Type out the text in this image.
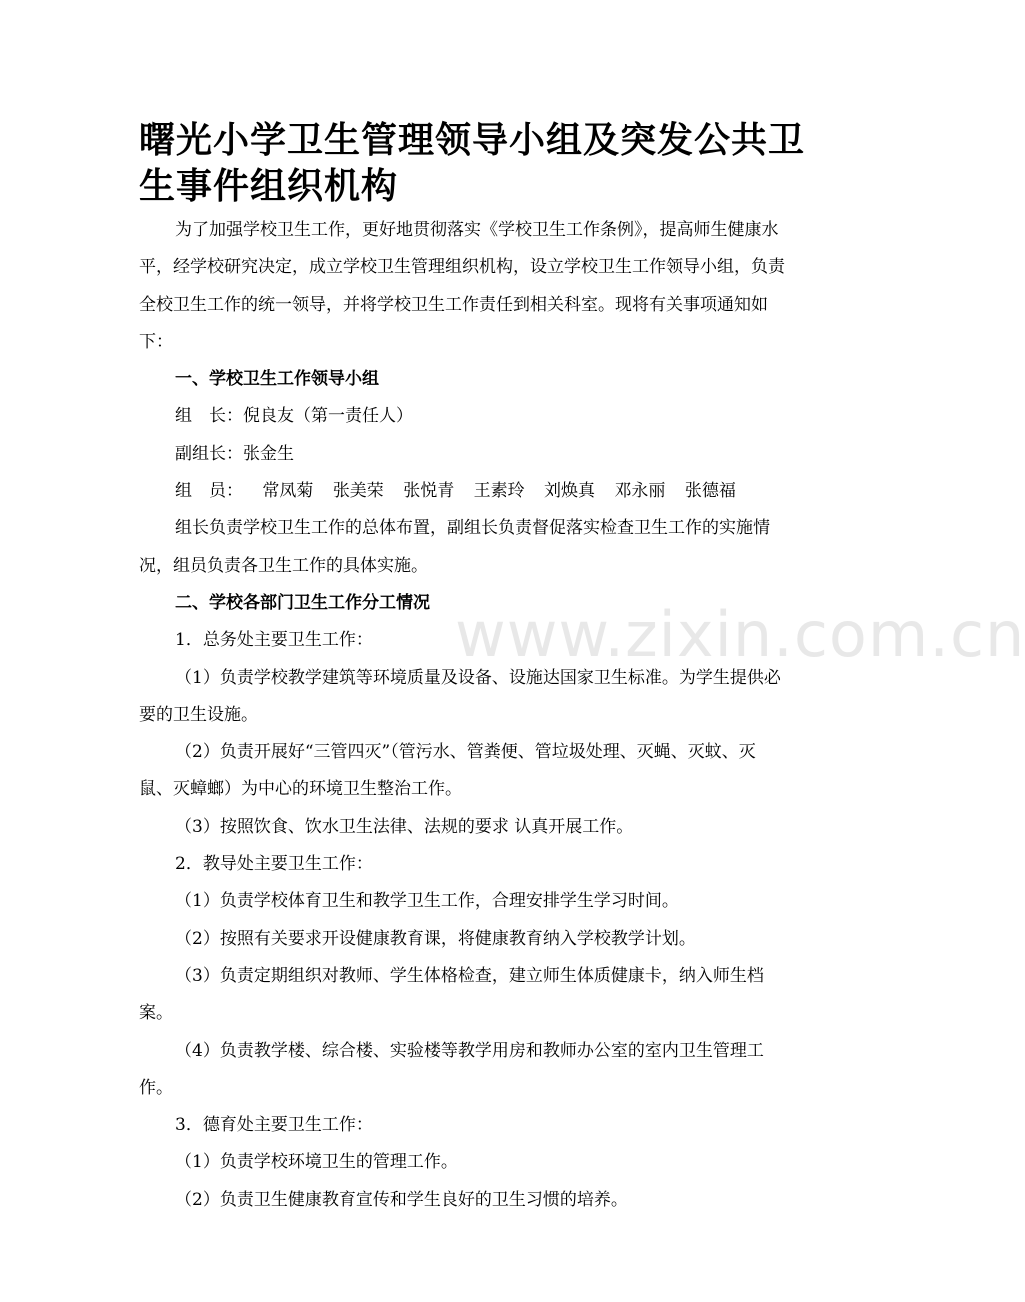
曙光小学卫生管理领导小组及突发公共卫
生事件组织机构

为了加强学校卫生工作，更好地贯彻落实《学校卫生工作条例》，提高师生健康水平，经学校研究决定，成立学校卫生管理组织机构，设立学校卫生工作领导小组，负责全校卫生工作的统一领导，并将学校卫生工作责任到相关科室。现将有关事项通知如下：

一、学校卫生工作领导小组

组　长：倪良友（第一责任人）

副组长：张金生

组　员： 常凤菊 张美荣 张悦青 王素玲 刘焕真 邓永丽 张德福

组长负责学校卫生工作的总体布置，副组长负责督促落实检查卫生工作的实施情况，组员负责各卫生工作的具体实施。

二、学校各部门卫生工作分工情况

1．总务处主要卫生工作：

（1）负责学校教学建筑等环境质量及设备、设施达国家卫生标准。为学生提供必要的卫生设施。

（2）负责开展好“三管四灭”（管污水、管粪便、管垃圾处理、灭蝇、灭蚊、灭鼠、灭蟑螂）为中心的环境卫生整治工作。

（3）按照饮食、饮水卫生法律、法规的要求 认真开展工作。

2．教导处主要卫生工作：

（1）负责学校体育卫生和教学卫生工作，合理安排学生学习时间。

（2）按照有关要求开设健康教育课，将健康教育纳入学校教学计划。

（3）负责定期组织对教师、学生体格检查，建立师生体质健康卡，纳入师生档案。

（4）负责教学楼、综合楼、实验楼等教学用房和教师办公室的室内卫生管理工作。

3．德育处主要卫生工作：

（1）负责学校环境卫生的管理工作。

（2）负责卫生健康教育宣传和学生良好的卫生习惯的培养。

www.zixin.com.cn
